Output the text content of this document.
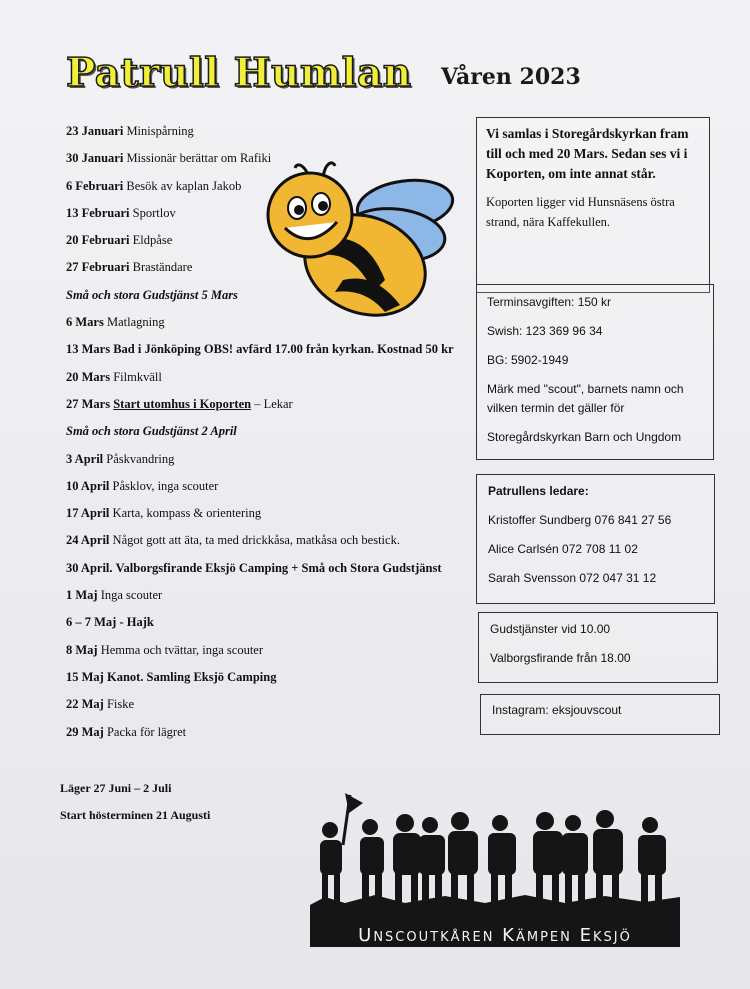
Patrull Humlan Våren 2023
23 Januari Minispårning
30 Januari Missionär berättar om Rafiki
6 Februari Besök av kaplan Jakob
13 Februari Sportlov
20 Februari Eldpåse
27 Februari Braständare
Små och stora Gudstjänst 5 Mars
6 Mars Matlagning
13 Mars Bad i Jönköping OBS! avfärd 17.00 från kyrkan. Kostnad 50 kr
20 Mars Filmkväll
27 Mars Start utomhus i Koporten – Lekar
Små och stora Gudstjänst 2 April
3 April Påskvandring
10 April Påsklov, inga scouter
17 April Karta, kompass & orientering
24 April Något gott att äta, ta med drickkåsa, matkåsa och bestick.
30 April. Valborgsfirande Eksjö Camping + Små och Stora Gudstjänst
1 Maj Inga scouter
6 – 7 Maj - Hajk
8 Maj Hemma och tvättar, inga scouter
15 Maj Kanot. Samling Eksjö Camping
22 Maj Fiske
29 Maj Packa för lägret
Läger 27 Juni – 2 Juli
Start hösterminen 21 Augusti
Vi samlas i Storegårdskyrkan fram till och med 20 Mars. Sedan ses vi i Koporten, om inte annat står.
Koporten ligger vid Hunsnäsens östra strand, nära Kaffekullen.
Terminsavgiften: 150 kr
Swish: 123 369 96 34
BG: 5902-1949
Märk med "scout", barnets namn och vilken termin det gäller för
Storegårdskyrkan Barn och Ungdom
Patrullens ledare:
Kristoffer Sundberg 076 841 27 56
Alice Carlsén 072 708 11 02
Sarah Svensson 072 047 31 12
Gudstjänster vid 10.00
Valborgsfirande från 18.00
Instagram: eksjouvscout
Unscoutkåren Kämpen Eksjö
